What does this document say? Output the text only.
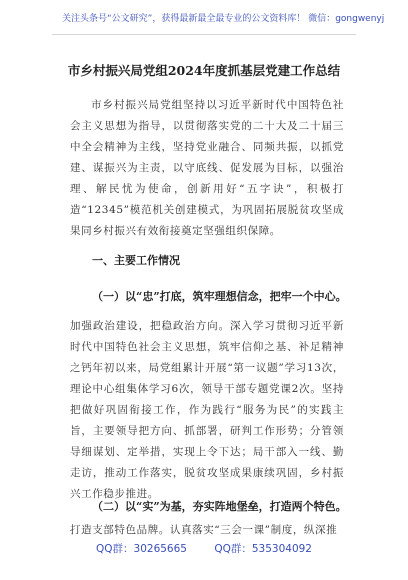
关注头条号“公文研究”，获得最新最全最专业的公文资料库！ 微信：gongwenyj
市乡村振兴局党组2024年度抓基层党建工作总结
市乡村振兴局党组坚持以习近平新时代中国特色社会主义思想为指导，以贯彻落实党的二十大及二十届三中全会精神为主线，坚持党业融合、同频共振，以抓党建、谋振兴为主责，以守底线、促发展为目标，以强治理、解民忧为使命，创新用好“五字诀”，积极打造“12345”模范机关创建模式，为巩固拓展脱贫攻坚成果同乡村振兴有效衔接奠定坚强组织保障。
一、主要工作情况
（一）以“忠”打底，筑牢理想信念，把牢一个中心。
加强政治建设，把稳政治方向。深入学习贯彻习近平新时代中国特色社会主义思想，筑牢信仰之基、补足精神之钙年初以来，局党组累计开展“第一议题”学习13次，理论中心组集体学习6次，领导干部专题党课2次。坚持把做好巩固衔接工作，作为践行“服务为民”的实践主旨，主要领导把方向、抓部署，研判工作形势；分管领导细谋划、定举措，实现上令下达；局干部入一线、勤走访，推动工作落实，脱贫攻坚成果康续巩固，乡村振兴工作稳步推进。
（二）以“实”为基，夯实阵地堡垒，打造两个特色。
打造支部特色品牌。认真落实“三会一课”制度，纵深推
QQ群：30265665	QQ群：535304092
